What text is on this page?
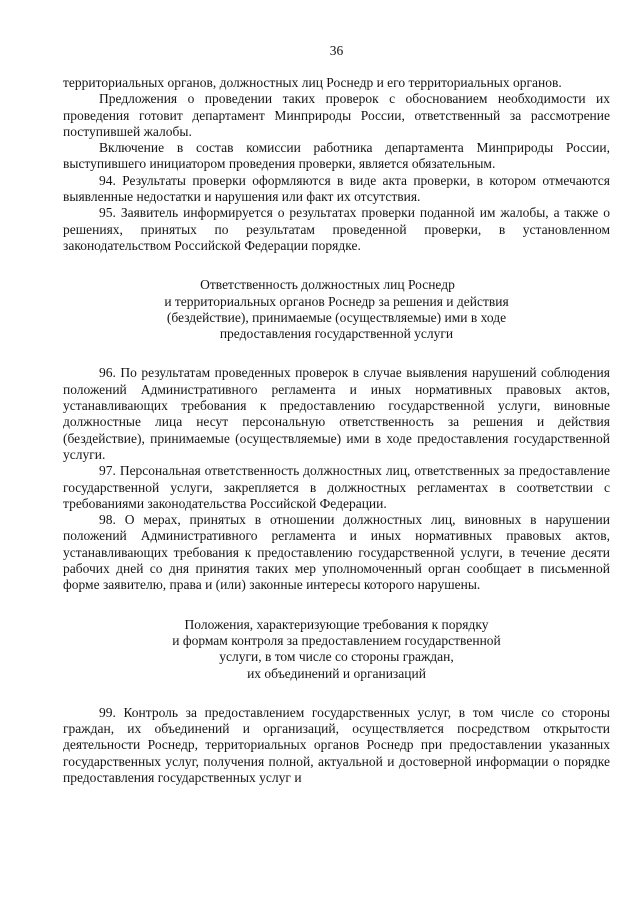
36

территориальных органов, должностных лиц Роснедр и его территориальных органов.

Предложения о проведении таких проверок с обоснованием необходимости их проведения готовит департамент Минприроды России, ответственный за рассмотрение поступившей жалобы.

Включение в состав комиссии работника департамента Минприроды России, выступившего инициатором проведения проверки, является обязательным.

94. Результаты проверки оформляются в виде акта проверки, в котором отмечаются выявленные недостатки и нарушения или факт их отсутствия.

95. Заявитель информируется о результатах проверки поданной им жалобы, а также о решениях, принятых по результатам проведенной проверки, в установленном законодательством Российской Федерации порядке.

Ответственность должностных лиц Роснедр
и территориальных органов Роснедр за решения и действия
(бездействие), принимаемые (осуществляемые) ими в ходе
предоставления государственной услуги

96. По результатам проведенных проверок в случае выявления нарушений соблюдения положений Административного регламента и иных нормативных правовых актов, устанавливающих требования к предоставлению государственной услуги, виновные должностные лица несут персональную ответственность за решения и действия (бездействие), принимаемые (осуществляемые) ими в ходе предоставления государственной услуги.

97. Персональная ответственность должностных лиц, ответственных за предоставление государственной услуги, закрепляется в должностных регламентах в соответствии с требованиями законодательства Российской Федерации.

98. О мерах, принятых в отношении должностных лиц, виновных в нарушении положений Административного регламента и иных нормативных правовых актов, устанавливающих требования к предоставлению государственной услуги, в течение десяти рабочих дней со дня принятия таких мер уполномоченный орган сообщает в письменной форме заявителю, права и (или) законные интересы которого нарушены.

Положения, характеризующие требования к порядку
и формам контроля за предоставлением государственной
услуги, в том числе со стороны граждан,
их объединений и организаций

99. Контроль за предоставлением государственных услуг, в том числе со стороны граждан, их объединений и организаций, осуществляется посредством открытости деятельности Роснедр, территориальных органов Роснедр при предоставлении указанных государственных услуг, получения полной, актуальной и достоверной информации о порядке предоставления государственных услуг и
